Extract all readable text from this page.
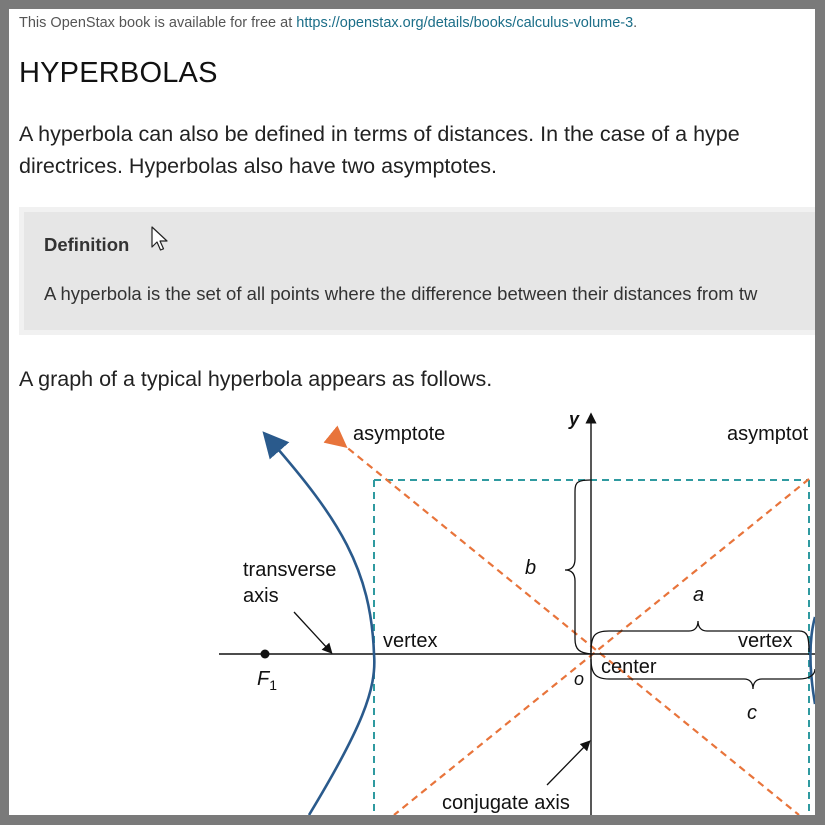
This OpenStax book is available for free at https://openstax.org/details/books/calculus-volume-3.
HYPERBOLAS
A hyperbola can also be defined in terms of distances. In the case of a hype
directrices. Hyperbolas also have two asymptotes.
Definition
A hyperbola is the set of all points where the difference between their distances from tw
A graph of a typical hyperbola appears as follows.
asymptote	asymptot
y
b
a
c
transverse
axis
vertex	vertex
center
o
$F_1$
conjugate axis
